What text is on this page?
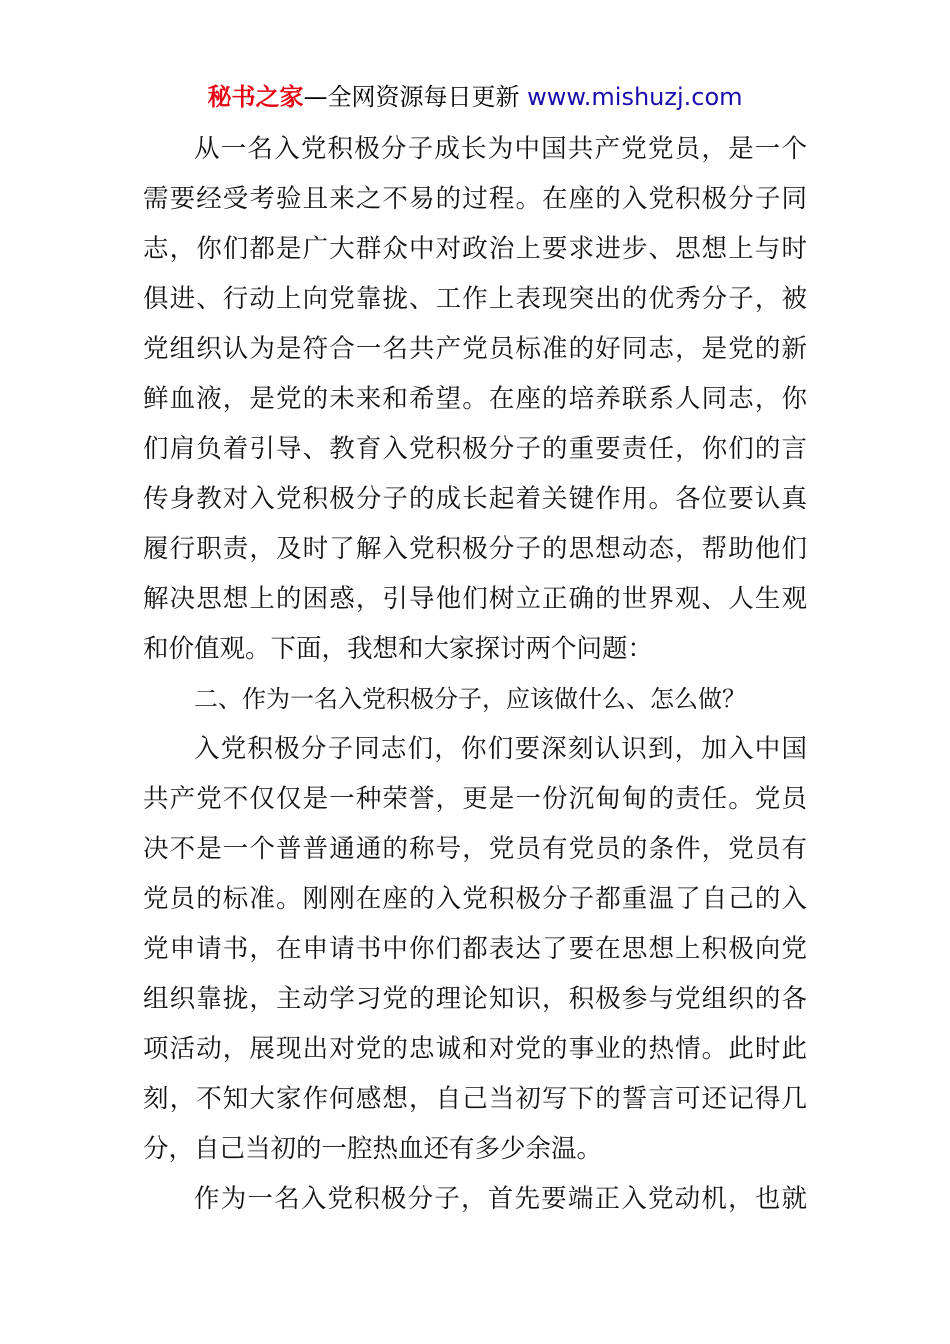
秘书之家—全网资源每日更新 www.mishuzj.com
从一名入党积极分子成长为中国共产党党员，是一个
需要经受考验且来之不易的过程。在座的入党积极分子同
志，你们都是广大群众中对政治上要求进步、思想上与时
俱进、行动上向党靠拢、工作上表现突出的优秀分子，被
党组织认为是符合一名共产党员标准的好同志，是党的新
鲜血液，是党的未来和希望。在座的培养联系人同志，你
们肩负着引导、教育入党积极分子的重要责任，你们的言
传身教对入党积极分子的成长起着关键作用。各位要认真
履行职责，及时了解入党积极分子的思想动态，帮助他们
解决思想上的困惑，引导他们树立正确的世界观、人生观
和价值观。下面，我想和大家探讨两个问题：
二、作为一名入党积极分子，应该做什么、怎么做？
入党积极分子同志们，你们要深刻认识到，加入中国
共产党不仅仅是一种荣誉，更是一份沉甸甸的责任。党员
决不是一个普普通通的称号，党员有党员的条件，党员有
党员的标准。刚刚在座的入党积极分子都重温了自己的入
党申请书，在申请书中你们都表达了要在思想上积极向党
组织靠拢，主动学习党的理论知识，积极参与党组织的各
项活动，展现出对党的忠诚和对党的事业的热情。此时此
刻，不知大家作何感想，自己当初写下的誓言可还记得几
分，自己当初的一腔热血还有多少余温。
作为一名入党积极分子，首先要端正入党动机，也就
